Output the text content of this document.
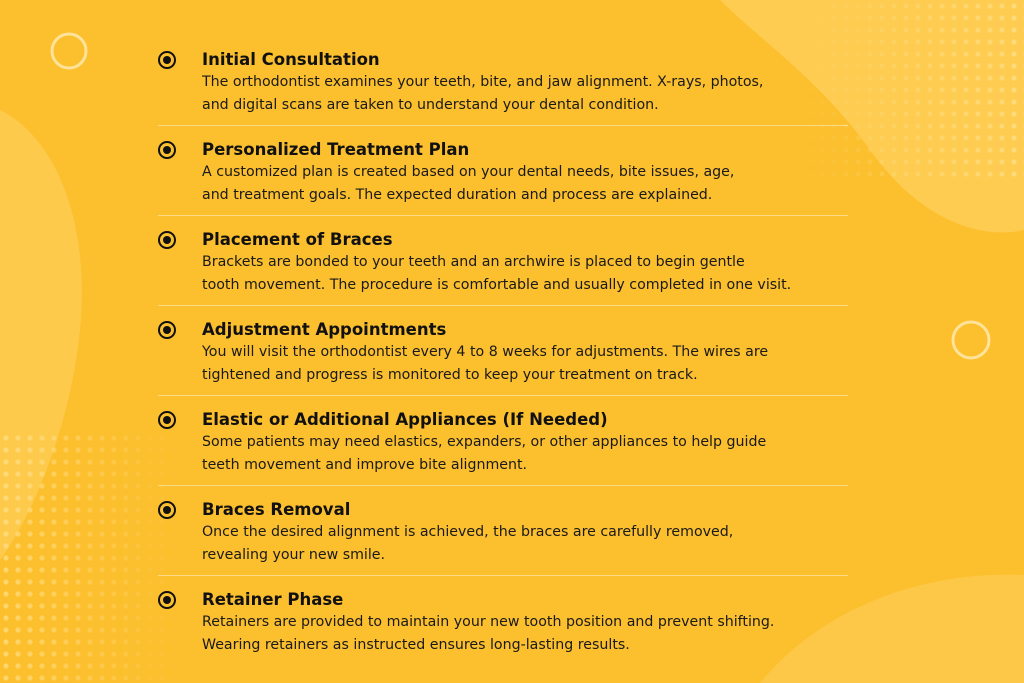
Initial Consultation
The orthodontist examines your teeth, bite, and jaw alignment. X-rays, photos,
and digital scans are taken to understand your dental condition.
Personalized Treatment Plan
A customized plan is created based on your dental needs, bite issues, age,
and treatment goals. The expected duration and process are explained.
Placement of Braces
Brackets are bonded to your teeth and an archwire is placed to begin gentle
tooth movement. The procedure is comfortable and usually completed in one visit.
Adjustment Appointments
You will visit the orthodontist every 4 to 8 weeks for adjustments. The wires are
tightened and progress is monitored to keep your treatment on track.
Elastic or Additional Appliances (If Needed)
Some patients may need elastics, expanders, or other appliances to help guide
teeth movement and improve bite alignment.
Braces Removal
Once the desired alignment is achieved, the braces are carefully removed,
revealing your new smile.
Retainer Phase
Retainers are provided to maintain your new tooth position and prevent shifting.
Wearing retainers as instructed ensures long-lasting results.
